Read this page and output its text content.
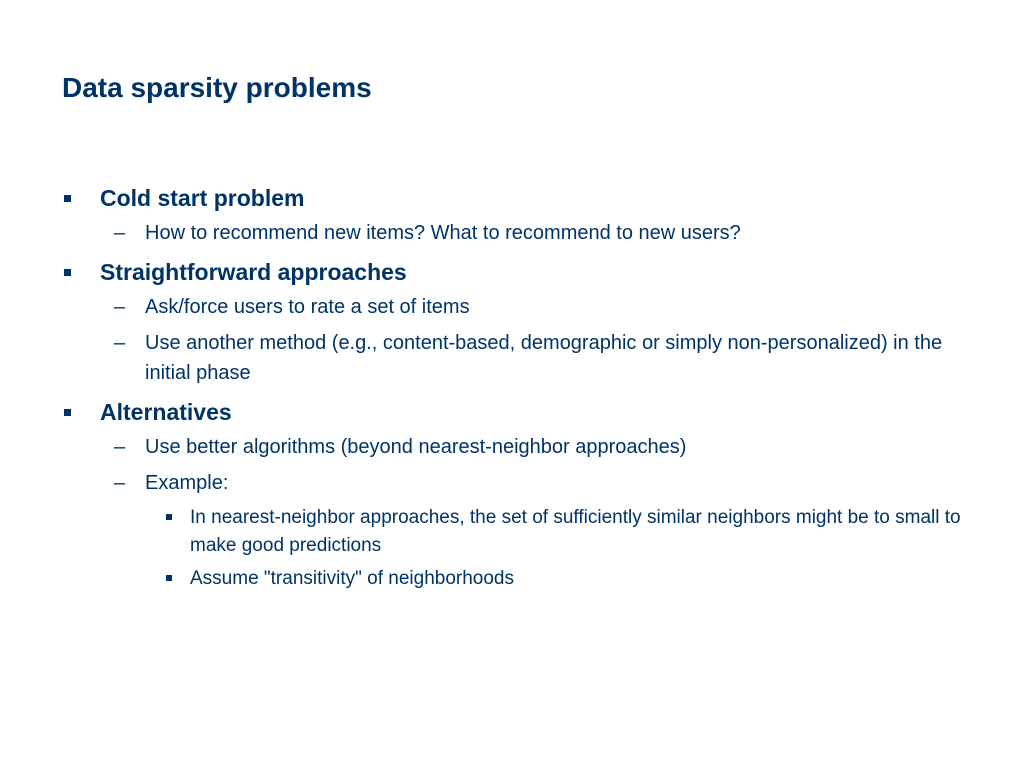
Data sparsity problems
Cold start problem
– How to recommend new items? What to recommend to new users?
Straightforward approaches
– Ask/force users to rate a set of items
– Use another method (e.g., content-based, demographic or simply non-personalized) in the initial phase
Alternatives
– Use better algorithms (beyond nearest-neighbor approaches)
– Example:
In nearest-neighbor approaches, the set of sufficiently similar neighbors might be to small to make good predictions
Assume "transitivity" of neighborhoods
